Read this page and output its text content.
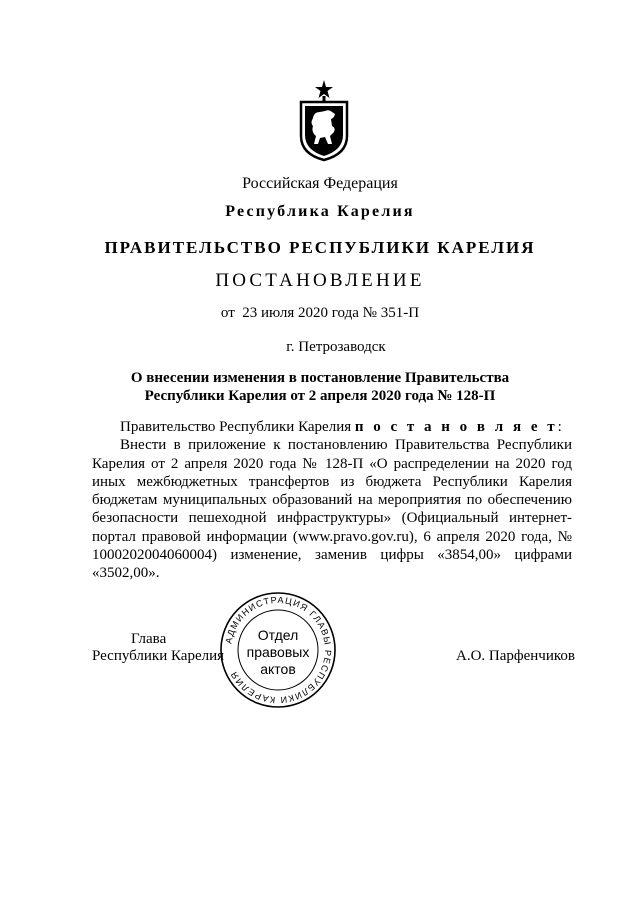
Российская Федерация
Республика Карелия
ПРАВИТЕЛЬСТВО РЕСПУБЛИКИ КАРЕЛИЯ
ПОСТАНОВЛЕНИЕ
от  23 июля 2020 года № 351-П
г. Петрозаводск
О внесении изменения в постановление Правительства
Республики Карелия от 2 апреля 2020 года № 128-П

Правительство Республики Карелия п о с т а н о в л я е т:

Внести в приложение к постановлению Правительства Республики Карелия от 2 апреля 2020 года № 128-П «О распределении на 2020 год иных межбюджетных трансфертов из бюджета Республики Карелия бюджетам муниципальных образований на мероприятия по обеспечению безопасности пешеходной инфраструктуры» (Официальный интернет-портал правовой информации (www.pravo.gov.ru), 6 апреля 2020 года, № 1000202004060004) изменение, заменив цифры «3854,00» цифрами «3502,00».

Глава
Республики Карелия	А.О. Парфенчиков
АДМИНИСТРАЦИЯ ГЛАВЫ РЕСПУБЛИКИ КАРЕЛИЯ
Отдел
правовых
актов
